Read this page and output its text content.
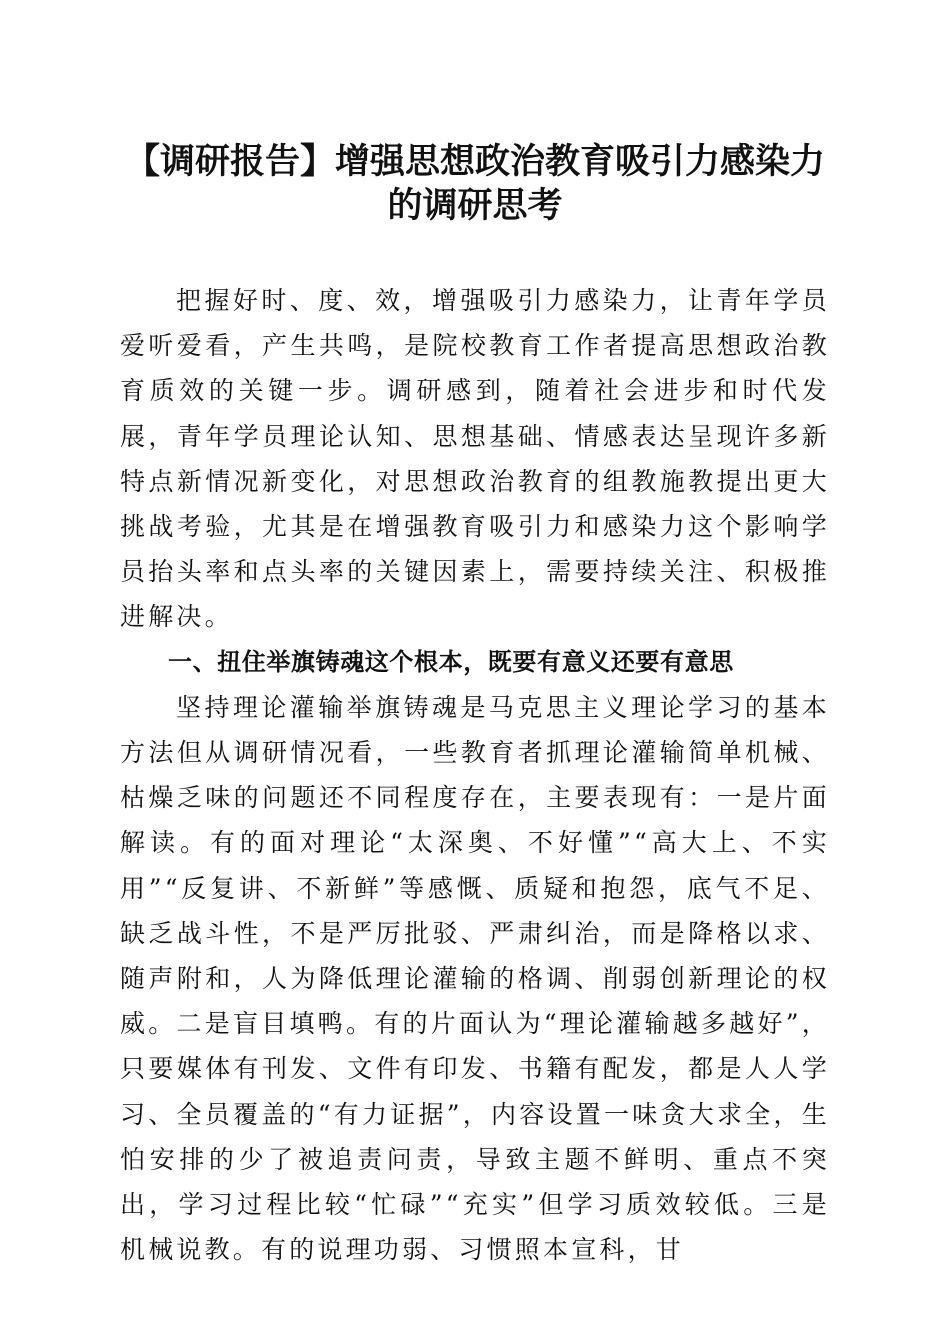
【调研报告】增强思想政治教育吸引力感染力
的调研思考

把握好时、度、效，增强吸引力感染力，让青年学员爱听爱看，产生共鸣，是院校教育工作者提高思想政治教育质效的关键一步。调研感到，随着社会进步和时代发展，青年学员理论认知、思想基础、情感表达呈现许多新特点新情况新变化，对思想政治教育的组教施教提出更大挑战考验，尤其是在增强教育吸引力和感染力这个影响学员抬头率和点头率的关键因素上，需要持续关注、积极推进解决。

一、扭住举旗铸魂这个根本，既要有意义还要有意思

坚持理论灌输举旗铸魂是马克思主义理论学习的基本方法但从调研情况看，一些教育者抓理论灌输简单机械、枯燥乏味的问题还不同程度存在，主要表现有：一是片面解读。有的面对理论“太深奥、不好懂”“高大上、不实用”“反复讲、不新鲜”等感慨、质疑和抱怨，底气不足、缺乏战斗性，不是严厉批驳、严肃纠治，而是降格以求、随声附和，人为降低理论灌输的格调、削弱创新理论的权威。二是盲目填鸭。有的片面认为“理论灌输越多越好”，只要媒体有刊发、文件有印发、书籍有配发，都是人人学习、全员覆盖的“有力证据”，内容设置一味贪大求全，生怕安排的少了被追责问责，导致主题不鲜明、重点不突出，学习过程比较“忙碌”“充实”但学习质效较低。三是机械说教。有的说理功弱、习惯照本宣科，甘
